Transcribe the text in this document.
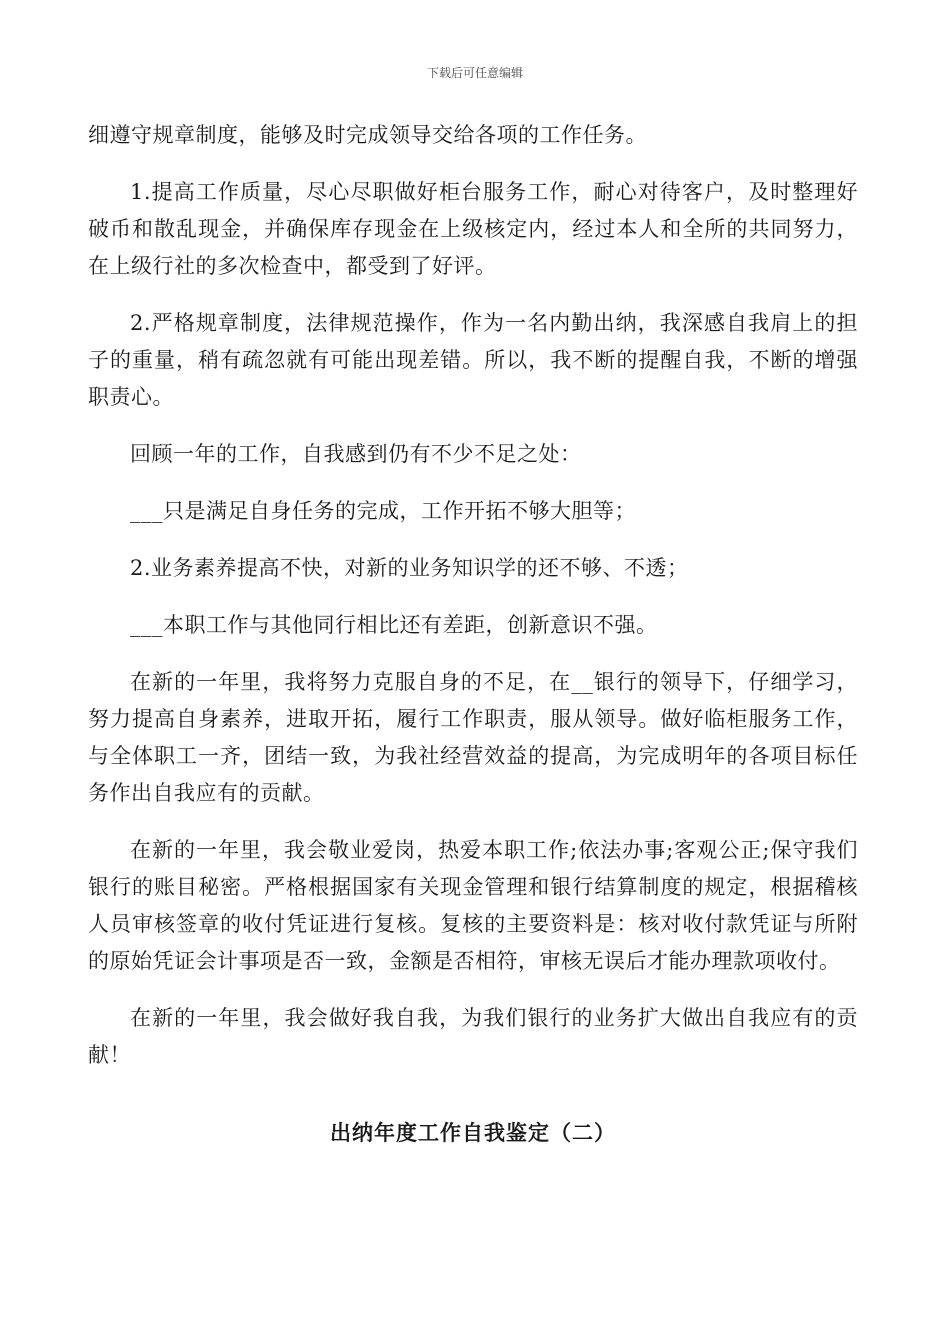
下载后可任意编辑

细遵守规章制度，能够及时完成领导交给各项的工作任务。

1.提高工作质量，尽心尽职做好柜台服务工作，耐心对待客户，及时整理好破币和散乱现金，并确保库存现金在上级核定内，经过本人和全所的共同努力，在上级行社的多次检查中，都受到了好评。

2.严格规章制度，法律规范操作，作为一名内勤出纳，我深感自我肩上的担子的重量，稍有疏忽就有可能出现差错。所以，我不断的提醒自我，不断的增强职责心。

回顾一年的工作，自我感到仍有不少不足之处：

___只是满足自身任务的完成，工作开拓不够大胆等；

2.业务素养提高不快，对新的业务知识学的还不够、不透；

___本职工作与其他同行相比还有差距，创新意识不强。

在新的一年里，我将努力克服自身的不足，在__银行的领导下，仔细学习，努力提高自身素养，进取开拓，履行工作职责，服从领导。做好临柜服务工作，与全体职工一齐，团结一致，为我社经营效益的提高，为完成明年的各项目标任务作出自我应有的贡献。

在新的一年里，我会敬业爱岗，热爱本职工作;依法办事;客观公正;保守我们银行的账目秘密。严格根据国家有关现金管理和银行结算制度的规定，根据稽核人员审核签章的收付凭证进行复核。复核的主要资料是：核对收付款凭证与所附的原始凭证会计事项是否一致，金额是否相符，审核无误后才能办理款项收付。

在新的一年里，我会做好我自我，为我们银行的业务扩大做出自我应有的贡献！

出纳年度工作自我鉴定（二）
